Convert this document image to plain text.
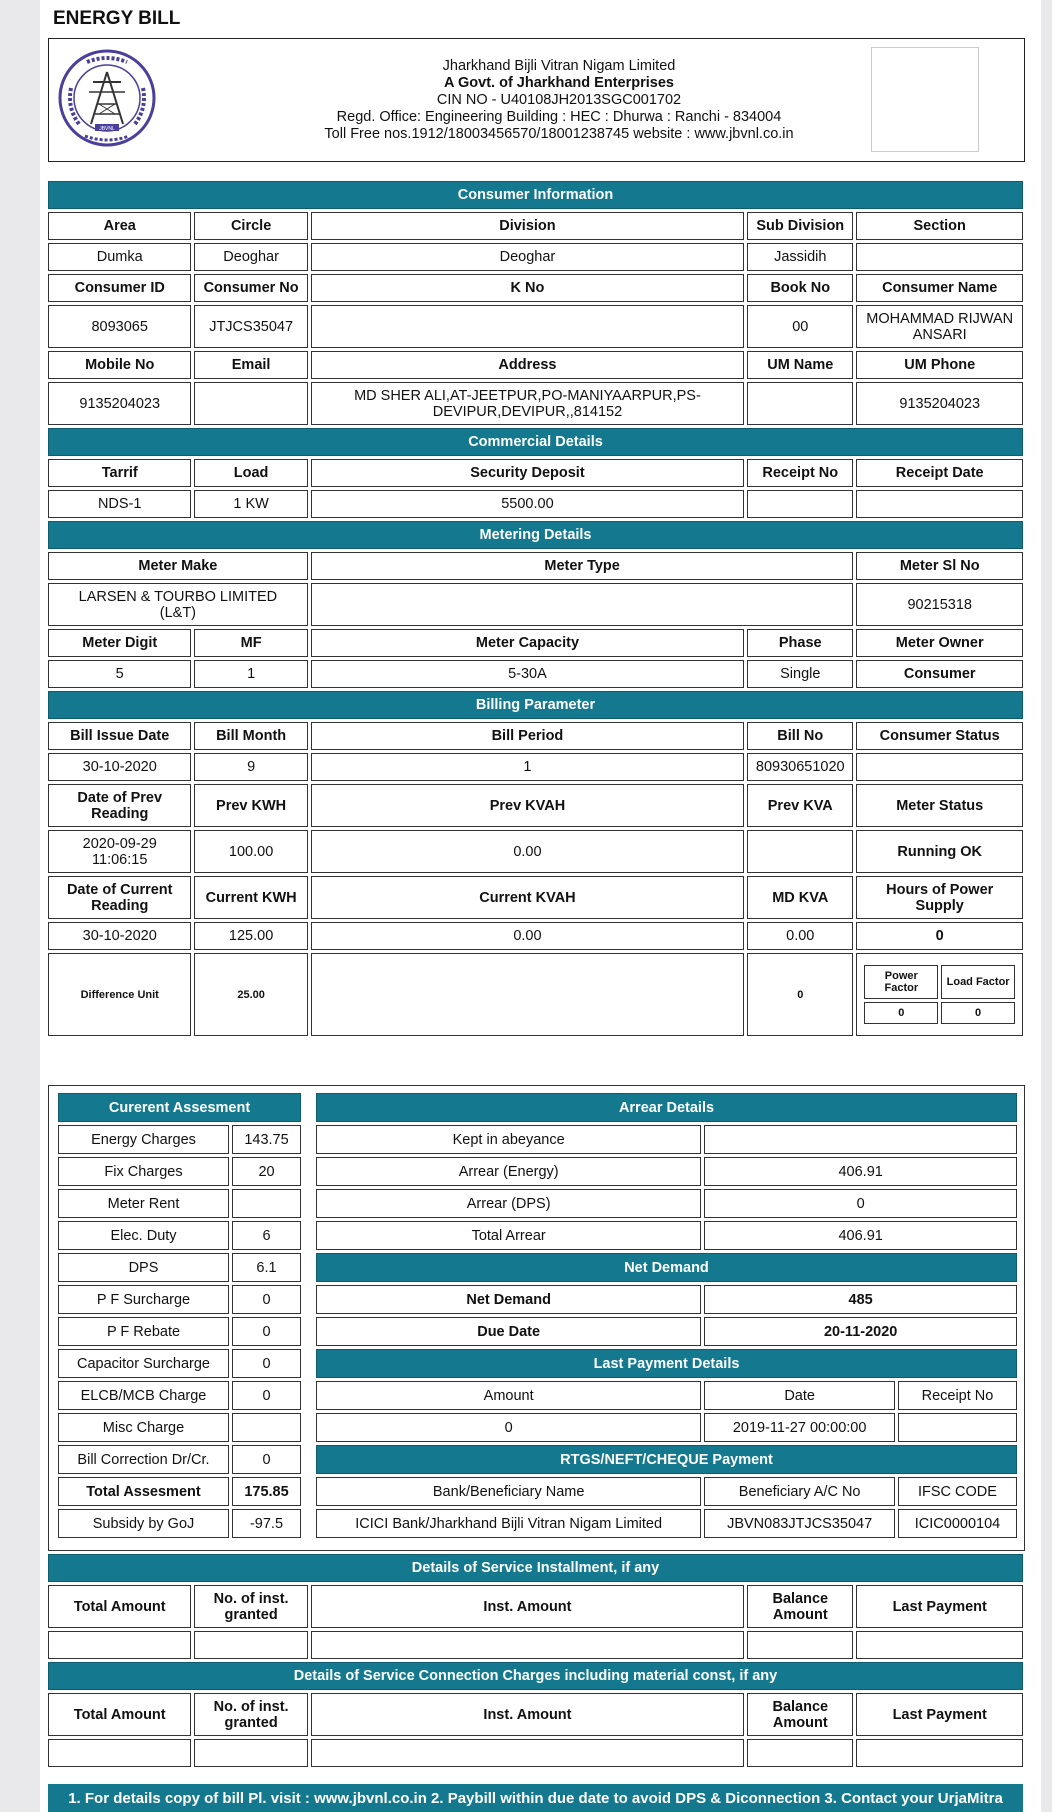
ENERGY BILL
JBVNL
Jharkhand Bijli Vitran Nigam Limited
A Govt. of Jharkhand Enterprises
CIN NO - U40108JH2013SGC001702
Regd. Office: Engineering Building : HEC : Dhurwa : Ranchi - 834004
Toll Free nos.1912/18003456570/18001238745 website : www.jbvnl.co.in
Consumer Information
Area	Circle	Division	Sub Division	Section
Dumka	Deoghar	Deoghar	Jassidih	
Consumer ID	Consumer No	K No	Book No	Consumer Name
8093065	JTJCS35047		00	MOHAMMAD RIJWAN ANSARI
Mobile No	Email	Address	UM Name	UM Phone
9135204023		MD SHER ALI,AT-JEETPUR,PO-MANIYAARPUR,PS-DEVIPUR,DEVIPUR,,814152		9135204023
Commercial Details
Tarrif	Load	Security Deposit	Receipt No	Receipt Date
NDS-1	1 KW	5500.00		
Metering Details
Meter Make	Meter Type	Meter Sl No
LARSEN & TOURBO LIMITED (L&T)		90215318
Meter Digit	MF	Meter Capacity	Phase	Meter Owner
5	1	5-30A	Single	Consumer
Billing Parameter
Bill Issue Date	Bill Month	Bill Period	Bill No	Consumer Status
30-10-2020	9	1	80930651020	
Date of Prev Reading	Prev KWH	Prev KVAH	Prev KVA	Meter Status
2020-09-29 11:06:15	100.00	0.00		Running OK
Date of Current Reading	Current KWH	Current KVAH	MD KVA	Hours of Power Supply
30-10-2020	125.00	0.00	0.00	0
Difference Unit	25.00		0	
Power Factor	Load Factor
0	0
Curerent Assesment	
Energy Charges	143.75
Fix Charges	20
Meter Rent	
Elec. Duty	6
DPS	6.1
P F Surcharge	0
P F Rebate	0
Capacitor Surcharge	0
ELCB/MCB Charge	0
Misc Charge	
Bill Correction Dr/Cr.	0
Total Assesment	175.85
Subsidy by GoJ	-97.5
Arrear Details		
Kept in abeyance		
Arrear (Energy)	406.91	
Arrear (DPS)	0	
Total Arrear	406.91	
Net Demand		
Net Demand	485	
Due Date	20-11-2020	
Last Payment Details		
Amount	Date	Receipt No
0	2019-11-27 00:00:00	
RTGS/NEFT/CHEQUE Payment		
Bank/Beneficiary Name	Beneficiary A/C No	IFSC CODE
ICICI Bank/Jharkhand Bijli Vitran Nigam Limited	JBVN083JTJCS35047	ICIC0000104
Details of Service Installment, if any				
Total Amount	No. of inst. granted	Inst. Amount	Balance Amount	Last Payment

Details of Service Connection Charges including material const, if any				
Total Amount	No. of inst. granted	Inst. Amount	Balance Amount	Last Payment

1. For details copy of bill Pl. visit : www.jbvnl.co.in 2. Paybill within due date to avoid DPS & Diconnection 3. Contact your UrjaMitra
